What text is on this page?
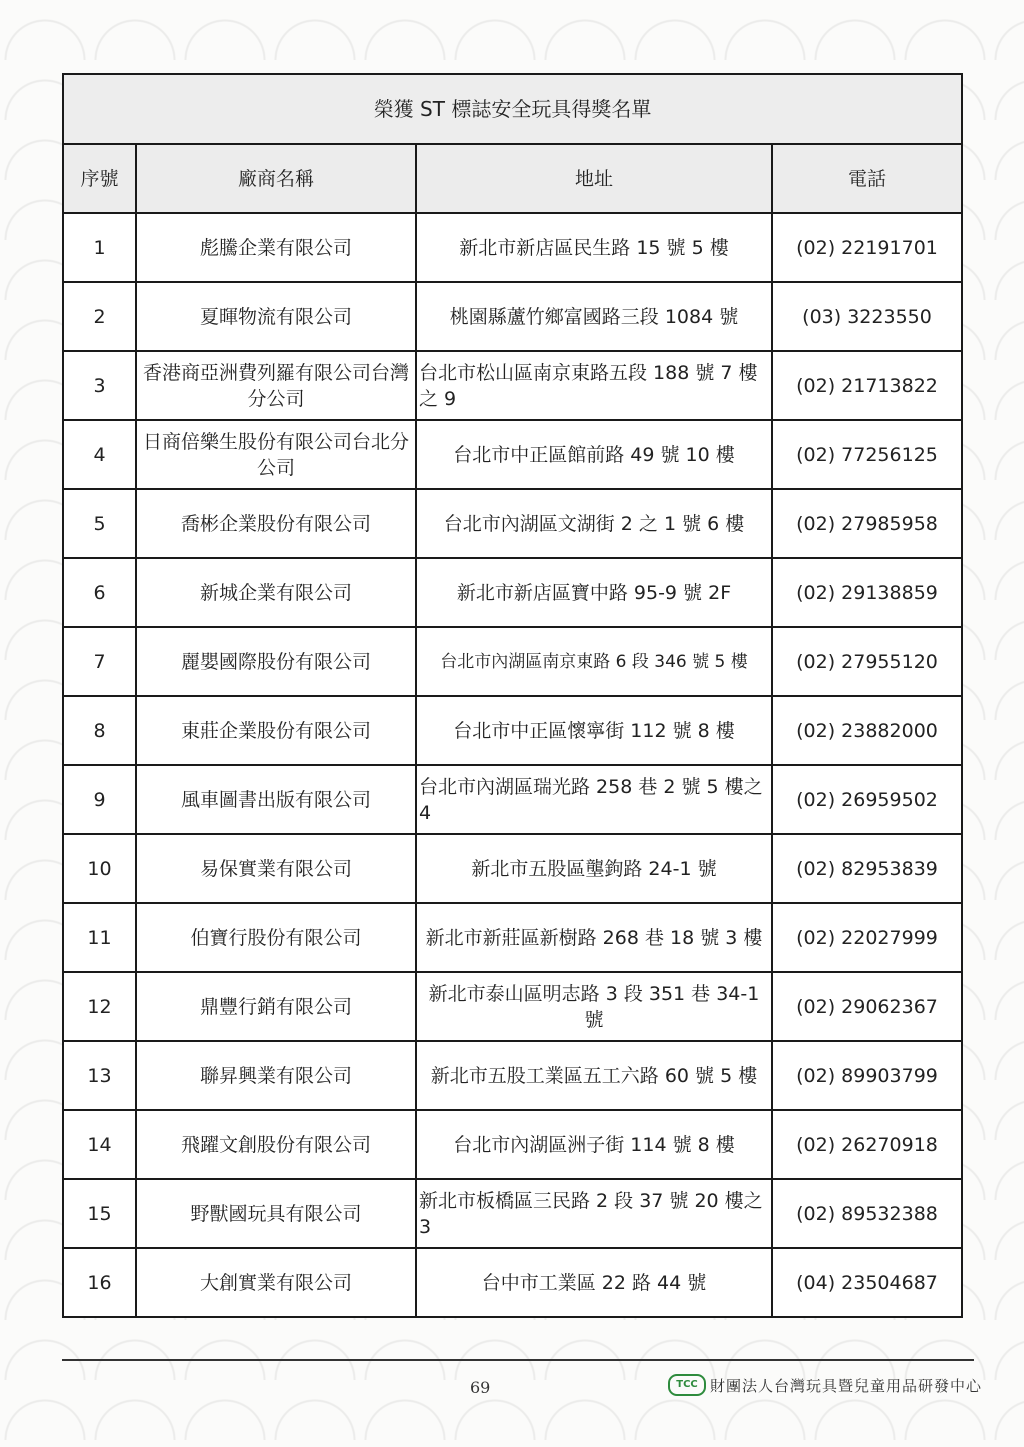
榮獲 ST 標誌安全玩具得獎名單			
序號	廠商名稱	地址	電話
1	彪騰企業有限公司	新北市新店區民生路 15 號 5 樓	(02) 22191701
2	夏暉物流有限公司	桃園縣蘆竹鄉富國路三段 1084 號	(03) 3223550
3	香港商亞洲費列羅有限公司台灣分公司	台北市松山區南京東路五段 188 號 7 樓之 9	(02) 21713822
4	日商倍樂生股份有限公司台北分公司	台北市中正區館前路 49 號 10 樓	(02) 77256125
5	喬彬企業股份有限公司	台北市內湖區文湖街 2 之 1 號 6 樓	(02) 27985958
6	新城企業有限公司	新北市新店區寶中路 95-9 號 2F	(02) 29138859
7	麗嬰國際股份有限公司	台北市內湖區南京東路 6 段 346 號 5 樓	(02) 27955120
8	東莊企業股份有限公司	台北市中正區懷寧街 112 號 8 樓	(02) 23882000
9	風車圖書出版有限公司	台北市內湖區瑞光路 258 巷 2 號 5 樓之4	(02) 26959502
10	易保實業有限公司	新北市五股區壟鉤路 24-1 號	(02) 82953839
11	伯寶行股份有限公司	新北市新莊區新樹路 268 巷 18 號 3 樓	(02) 22027999
12	鼎豐行銷有限公司	新北市泰山區明志路 3 段 351 巷 34-1號	(02) 29062367
13	聯昇興業有限公司	新北市五股工業區五工六路 60 號 5 樓	(02) 89903799
14	飛躍文創股份有限公司	台北市內湖區洲子街 114 號 8 樓	(02) 26270918
15	野獸國玩具有限公司	新北市板橋區三民路 2 段 37 號 20 樓之3	(02) 89532388
16	大創實業有限公司	台中市工業區 22 路 44 號	(04) 23504687
69	TCC 財團法人台灣玩具暨兒童用品研發中心
